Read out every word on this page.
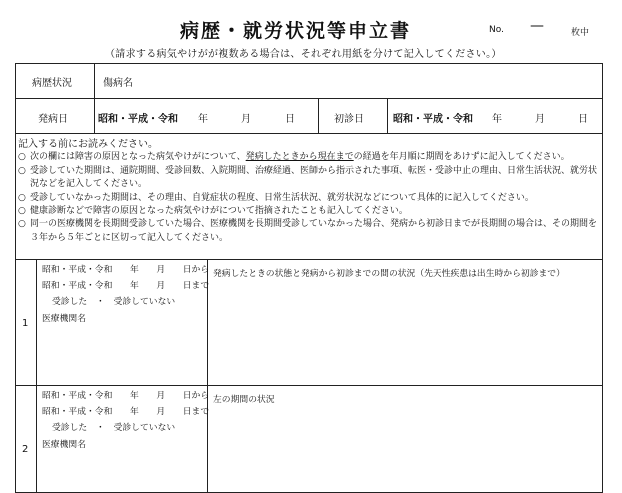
病歴・就労状況等申立書	No. —	枚中
（請求する病気やけがが複数ある場合は、それぞれ用紙を分けて記入してください。）
病歴状況	傷病名
発病日	昭和・平成・令和 年	月	日	初診日	昭和・平成・令和 年	月	日
記入する前にお読みください。
○ 次の欄には障害の原因となった病気やけがについて、発病したときから現在までの経過を年月順に期間をあけずに記入してください。
○ 受診していた期間は、通院期間、受診回数、入院期間、治療経過、医師から指示された事項、転医・受診中止の理由、日常生活状況、就労状況などを記入してください。
○ 受診していなかった期間は、その理由、自覚症状の程度、日常生活状況、就労状況などについて具体的に記入してください。
○ 健康診断などで障害の原因となった病気やけがについて指摘されたことも記入してください。
○ 同一の医療機関を長期間受診していた場合、医療機関を長期間受診していなかった場合、発病から初診日までが長期間の場合は、その期間を３年から５年ごとに区切って記入してください。
1
昭和・平成・令和　　年　　月　　日から
昭和・平成・令和　　年　　月　　日まで
受診した　・　受診していない
医療機関名
発病したときの状態と発病から初診までの間の状況（先天性疾患は出生時から初診まで）
2
昭和・平成・令和　　年　　月　　日から
昭和・平成・令和　　年　　月　　日まで
受診した　・　受診していない
医療機関名
左の期間の状況
